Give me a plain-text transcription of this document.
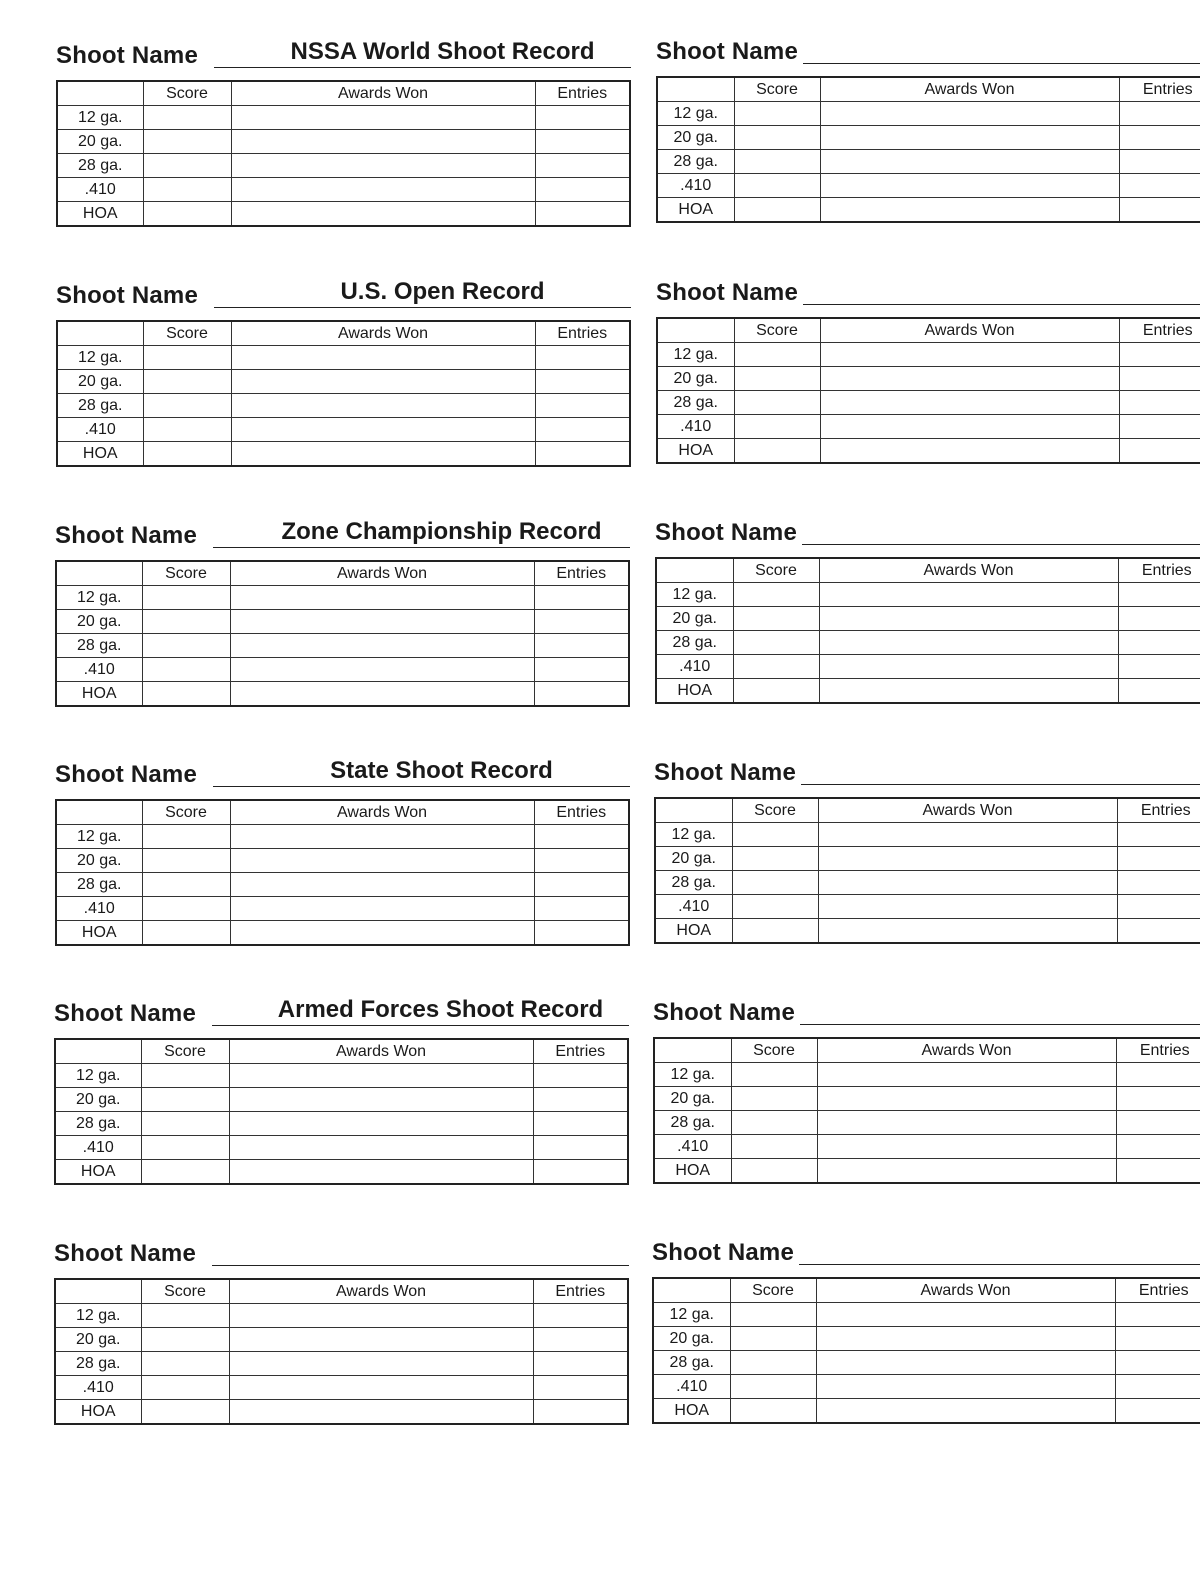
Shoot Name	NSSA World Shoot Record
	Score	Awards Won	Entries
12 ga.			
20 ga.			
28 ga.			
.410			
HOA			
Shoot Name	U.S. Open Record
	Score	Awards Won	Entries
12 ga.			
20 ga.			
28 ga.			
.410			
HOA			
Shoot Name	Zone Championship Record
	Score	Awards Won	Entries
12 ga.			
20 ga.			
28 ga.			
.410			
HOA			
Shoot Name	State Shoot Record
	Score	Awards Won	Entries
12 ga.			
20 ga.			
28 ga.			
.410			
HOA			
Shoot Name	Armed Forces Shoot Record
	Score	Awards Won	Entries
12 ga.			
20 ga.			
28 ga.			
.410			
HOA			
Shoot Name
	Score	Awards Won	Entries
12 ga.			
20 ga.			
28 ga.			
.410			
HOA			
Shoot Name
	Score	Awards Won	Entries
12 ga.			
20 ga.			
28 ga.			
.410			
HOA			
Shoot Name
	Score	Awards Won	Entries
12 ga.			
20 ga.			
28 ga.			
.410			
HOA			
Shoot Name
	Score	Awards Won	Entries
12 ga.			
20 ga.			
28 ga.			
.410			
HOA			
Shoot Name
	Score	Awards Won	Entries
12 ga.			
20 ga.			
28 ga.			
.410			
HOA			
Shoot Name
	Score	Awards Won	Entries
12 ga.			
20 ga.			
28 ga.			
.410			
HOA			
Shoot Name
	Score	Awards Won	Entries
12 ga.			
20 ga.			
28 ga.			
.410			
HOA			
